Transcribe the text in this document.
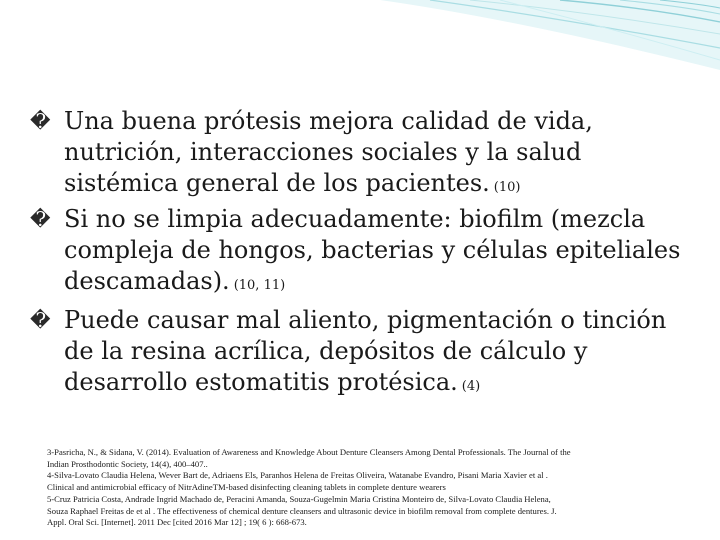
� Una buena prótesis mejora calidad de vida, nutrición, interacciones sociales y la salud sistémica general de los pacientes. (10)
� Si no se limpia adecuadamente: biofilm (mezcla compleja de hongos, bacterias y células epiteliales descamadas). (10, 11)
� Puede causar mal aliento, pigmentación o tinción de la resina acrílica, depósitos de cálculo y desarrollo estomatitis protésica. (4)
3-Pasricha, N., & Sidana, V. (2014). Evaluation of Awareness and Knowledge About Denture Cleansers Among Dental Professionals. The Journal of the
Indian Prosthodontic Society, 14(4), 400–407..
4-Silva-Lovato Claudia Helena, Wever Bart de, Adriaens Els, Paranhos Helena de Freitas Oliveira, Watanabe Evandro, Pisani Maria Xavier et al .
Clinical and antimicrobial efficacy of NitrAdineTM-based disinfecting cleaning tablets in complete denture wearers
5-Cruz Patricia Costa, Andrade Ingrid Machado de, Peracini Amanda, Souza-Gugelmin Maria Cristina Monteiro de, Silva-Lovato Claudia Helena,
Souza Raphael Freitas de et al . The effectiveness of chemical denture cleansers and ultrasonic device in biofilm removal from complete dentures. J.
Appl. Oral Sci. [Internet]. 2011 Dec [cited 2016 Mar 12] ; 19( 6 ): 668-673.
